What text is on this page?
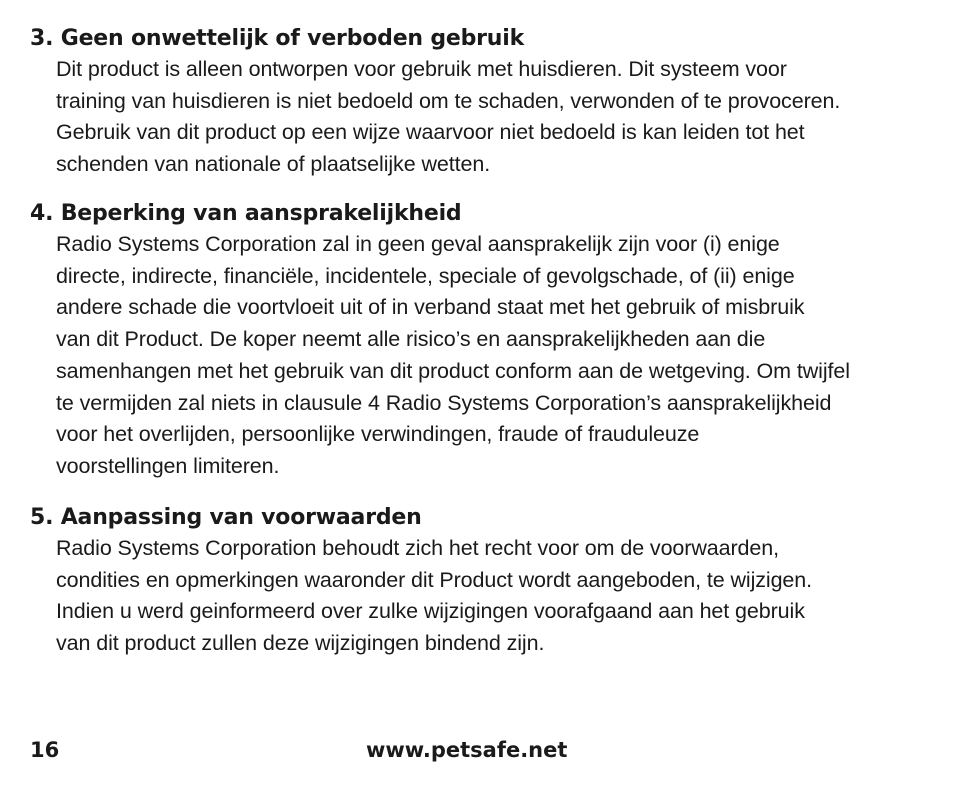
3. Geen onwettelijk of verboden gebruik
Dit product is alleen ontworpen voor gebruik met huisdieren. Dit systeem voor
training van huisdieren is niet bedoeld om te schaden, verwonden of te provoceren.
Gebruik van dit product op een wijze waarvoor niet bedoeld is kan leiden tot het
schenden van nationale of plaatselijke wetten.
4. Beperking van aansprakelijkheid
Radio Systems Corporation zal in geen geval aansprakelijk zijn voor (i) enige
directe, indirecte, financiële, incidentele, speciale of gevolgschade, of (ii) enige
andere schade die voortvloeit uit of in verband staat met het gebruik of misbruik
van dit Product. De koper neemt alle risico’s en aansprakelijkheden aan die
samenhangen met het gebruik van dit product conform aan de wetgeving. Om twijfel
te vermijden zal niets in clausule 4 Radio Systems Corporation’s aansprakelijkheid
voor het overlijden, persoonlijke verwindingen, fraude of frauduleuze
voorstellingen limiteren.
5. Aanpassing van voorwaarden
Radio Systems Corporation behoudt zich het recht voor om de voorwaarden,
condities en opmerkingen waaronder dit Product wordt aangeboden, te wijzigen.
Indien u werd geinformeerd over zulke wijzigingen voorafgaand aan het gebruik
van dit product zullen deze wijzigingen bindend zijn.
16	www.petsafe.net
